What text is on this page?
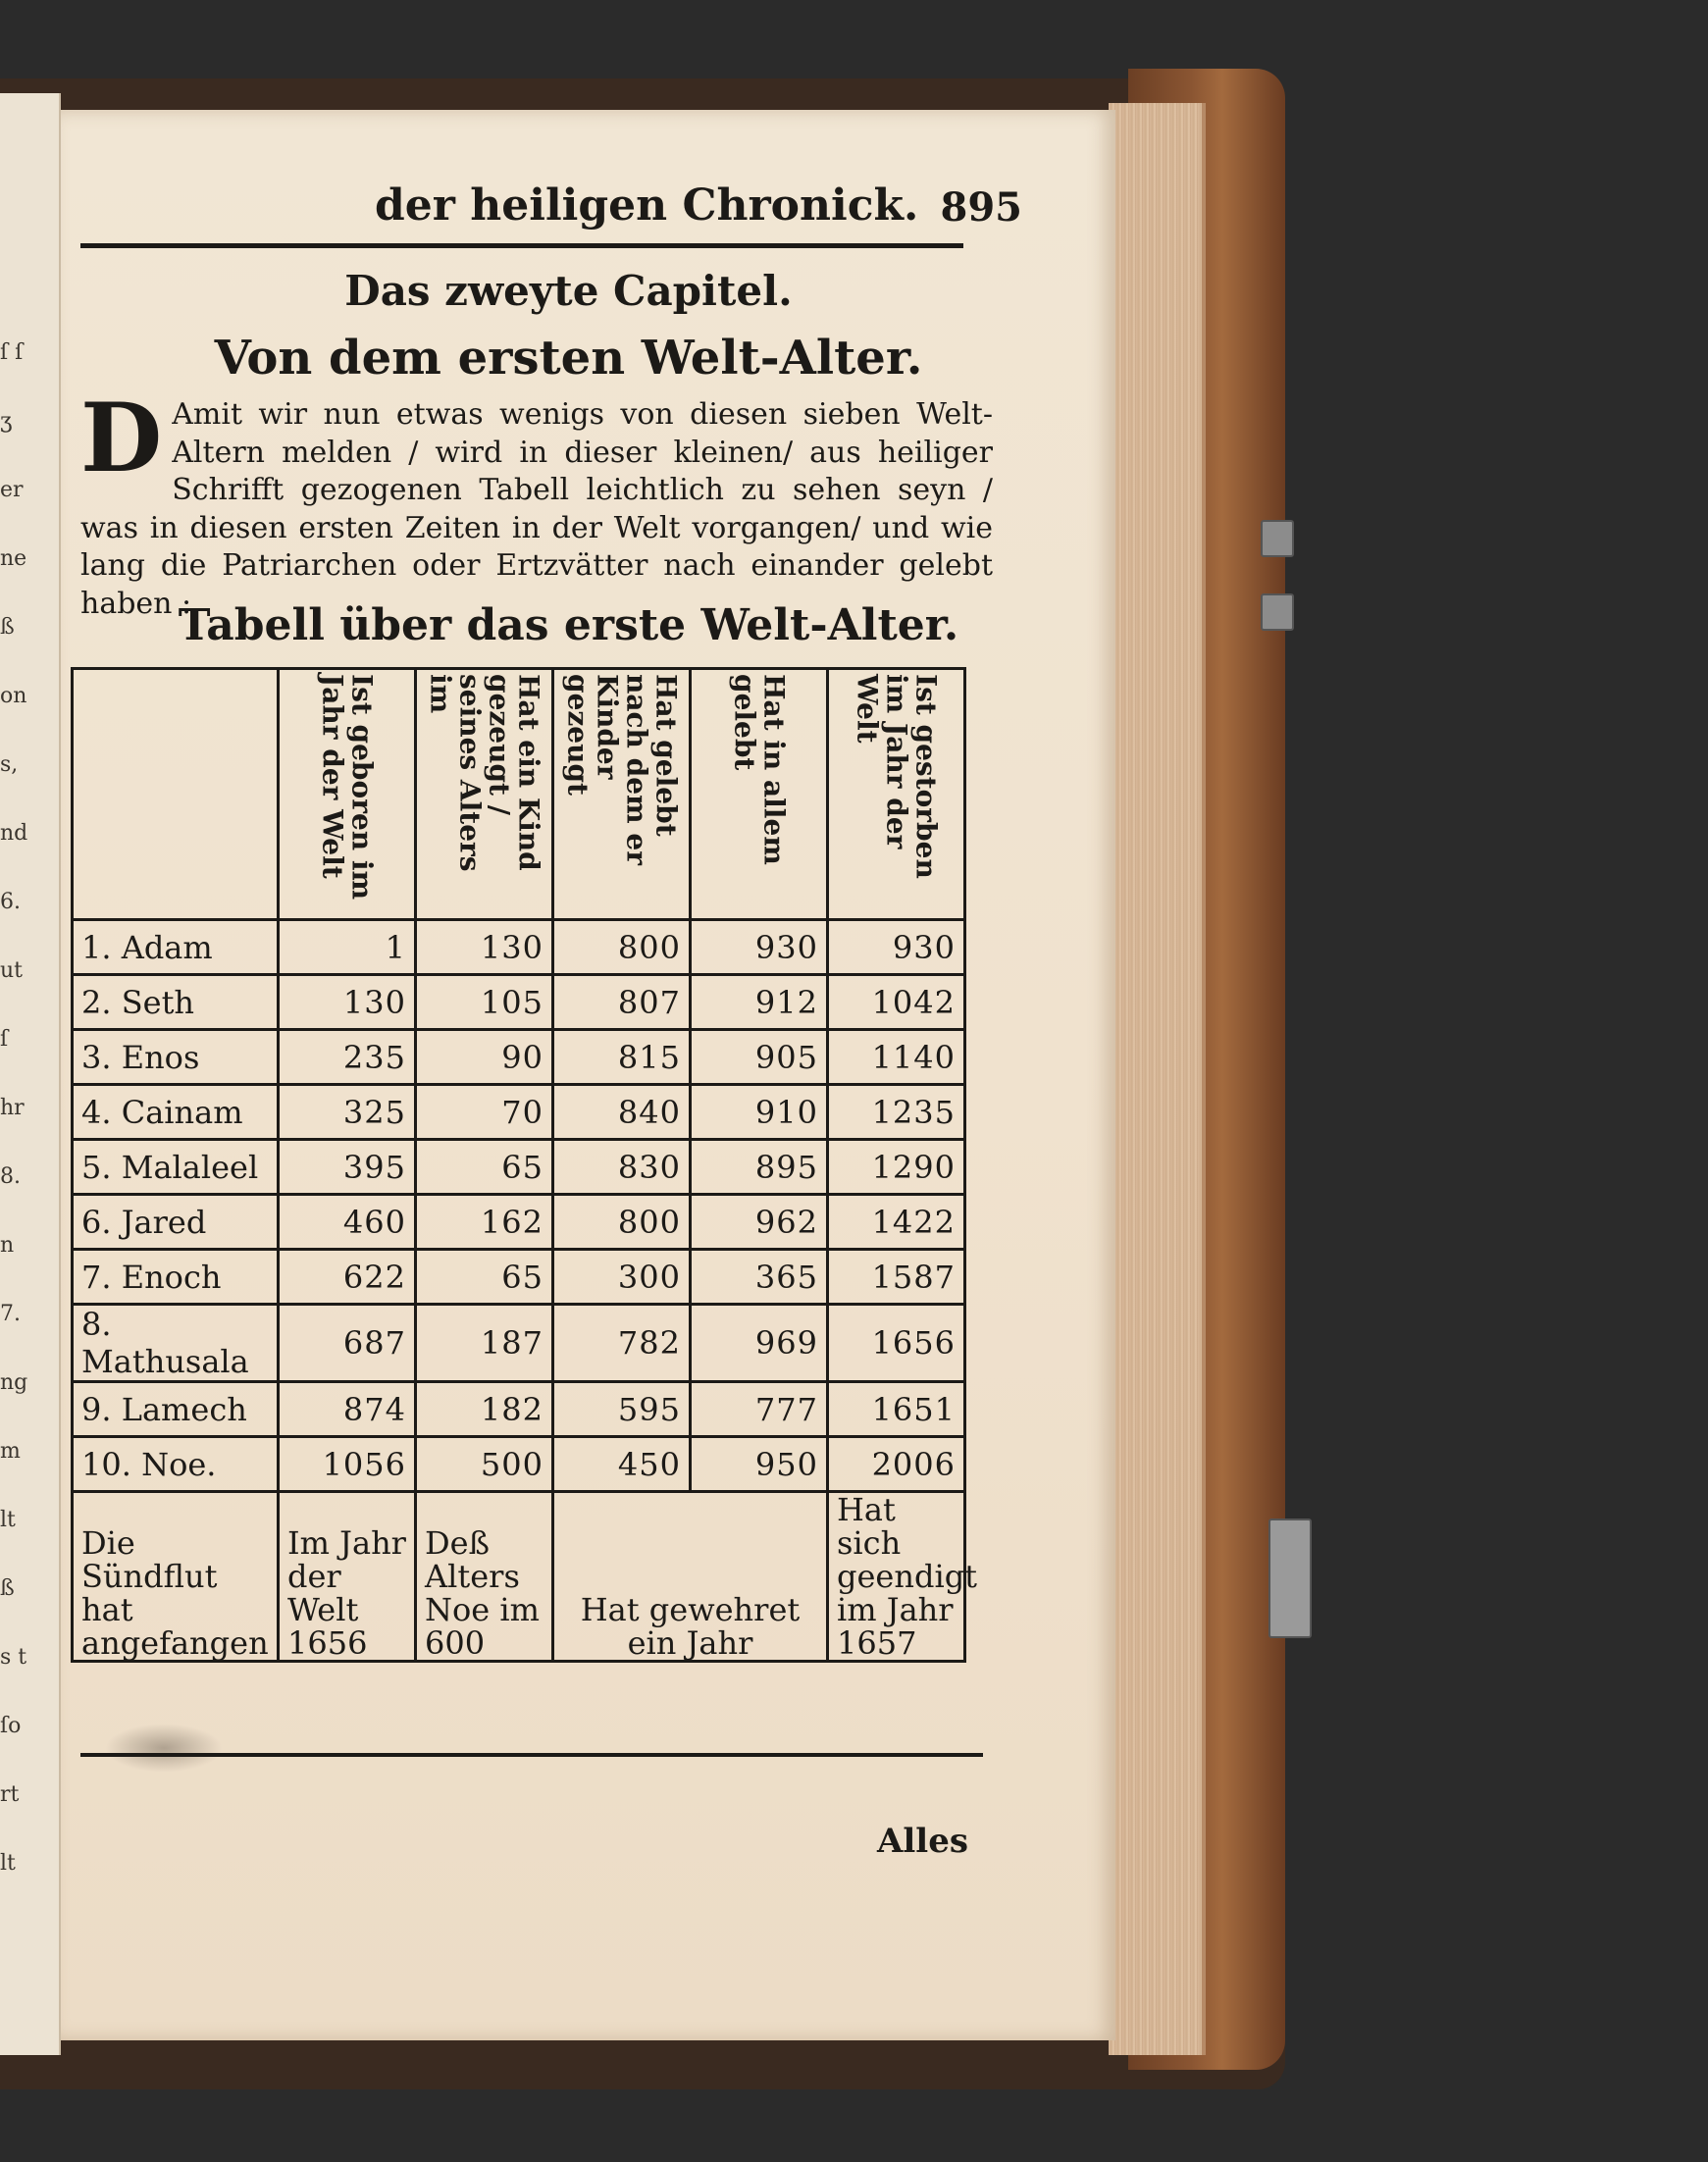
ſ ſ ʒ er ne ß on s, nd 6. ut ſ hr 8. n 7. ng m lt ß s t ſo rt lt
der heiligen Chronick. 895
Das zweyte Capitel.
Von dem ersten Welt-Alter.
D Amit wir nun etwas wenigs von diesen sieben Welt-Altern melden / wird in dieser kleinen/ aus heiliger Schrifft gezogenen Tabell leichtlich zu sehen seyn / was in diesen ersten Zeiten in der Welt vorgangen/ und wie lang die Patriarchen oder Ertzvätter nach einander gelebt haben :
Tabell über das erste Welt-Alter.

	Ist geboren im Jahr der Welt	Hat ein Kind gezeugt / seines Alters im	Hat gelebt nach dem er Kinder gezeugt	Hat in allem gelebt	Ist gestorben im Jahr der Welt

1. Adam	1	130	800	930	930
2. Seth	130	105	807	912	1042
3. Enos	235	90	815	905	1140
4. Cainam	325	70	840	910	1235
5. Malaleel	395	65	830	895	1290
6. Jared	460	162	800	962	1422
7. Enoch	622	65	300	365	1587
8. Mathusala	687	187	782	969	1656
9. Lamech	874	182	595	777	1651
10. Noe.	1056	500	450	950	2006
Die Sündflut hat angefangen	Im Jahr der Welt 1656	Deß Alters Noe im 600	Hat gewehret ein Jahr		Hat sich geendigt im Jahr 1657
Alles
